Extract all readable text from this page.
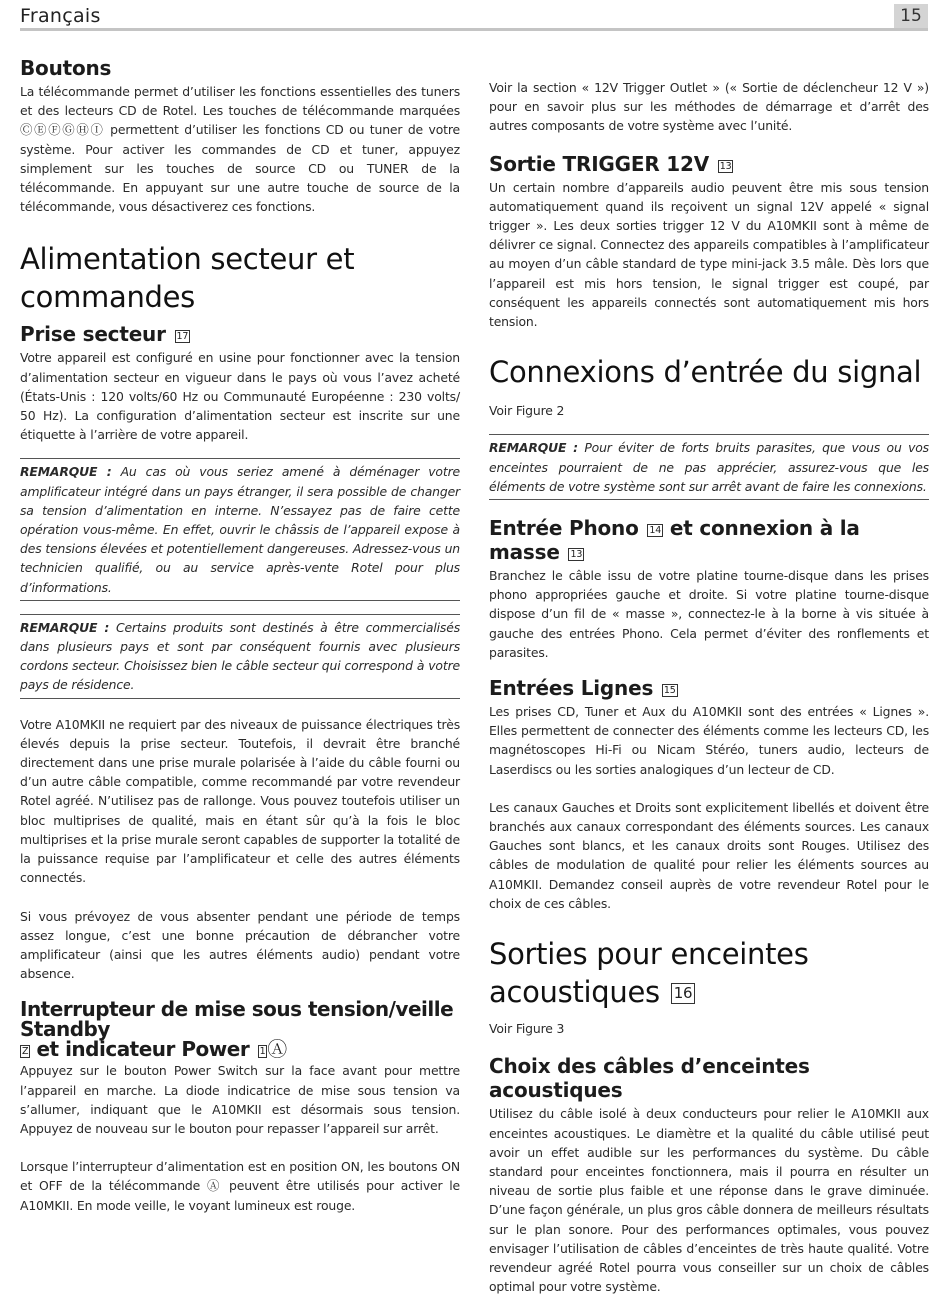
Français	15
Boutons

La télécommande permet d’utiliser les fonctions essentielles des tuners et des lecteurs CD de Rotel. Les touches de télécommande marquées ⒸⒺⒻⒼⒽⒾ permettent d’utiliser les fonctions CD ou tuner de votre système. Pour activer les commandes de CD et tuner, appuyez simplement sur les touches de source CD ou TUNER de la télécommande. En appuyant sur une autre touche de source de la télécommande, vous désactiverez ces fonctions.

Alimentation secteur et commandes
Prise secteur 17

Votre appareil est configuré en usine pour fonctionner avec la tension d’alimentation secteur en vigueur dans le pays où vous l’avez acheté (États-Unis : 120 volts/60 Hz ou Communauté Européenne : 230 volts/ 50 Hz). La configuration d’alimentation secteur est inscrite sur une étiquette à l’arrière de votre appareil.

REMARQUE : Au cas où vous seriez amené à déménager votre amplificateur intégré dans un pays étranger, il sera possible de changer sa tension d’alimentation en interne. N’essayez pas de faire cette opération vous-même. En effet, ouvrir le châssis de l’appareil expose à des tensions élevées et potentiellement dangereuses. Adressez-vous un technicien qualifié, ou au service après-vente Rotel pour plus d’informations.
REMARQUE : Certains produits sont destinés à être commercialisés dans plusieurs pays et sont par conséquent fournis avec plusieurs cordons secteur. Choisissez bien le câble secteur qui correspond à votre pays de résidence.

Votre A10MKII ne requiert par des niveaux de puissance électriques très élevés depuis la prise secteur. Toutefois, il devrait être branché directement dans une prise murale polarisée à l’aide du câble fourni ou d’un autre câble compatible, comme recommandé par votre revendeur Rotel agréé. N’utilisez pas de rallonge. Vous pouvez toutefois utiliser un bloc multiprises de qualité, mais en étant sûr qu’à la fois le bloc multiprises et la prise murale seront capables de supporter la totalité de la puissance requise par l’amplificateur et celle des autres éléments connectés.

Si vous prévoyez de vous absenter pendant une période de temps assez longue, c’est une bonne précaution de débrancher votre amplificateur (ainsi que les autres éléments audio) pendant votre absence.

Interrupteur de mise sous tension/veille Standby
Z et indicateur Power 1 Ⓐ

Appuyez sur le bouton Power Switch sur la face avant pour mettre l’appareil en marche. La diode indicatrice de mise sous tension va s’allumer, indiquant que le A10MKII est désormais sous tension. Appuyez de nouveau sur le bouton pour repasser l’appareil sur arrêt.

Lorsque l’interrupteur d’alimentation est en position ON, les boutons ON et OFF de la télécommande Ⓐ peuvent être utilisés pour activer le A10MKII. En mode veille, le voyant lumineux est rouge.

Voir la section « 12V Trigger Outlet » (« Sortie de déclencheur 12 V ») pour en savoir plus sur les méthodes de démarrage et d’arrêt des autres composants de votre système avec l’unité.

Sortie TRIGGER 12V 13

Un certain nombre d’appareils audio peuvent être mis sous tension automatiquement quand ils reçoivent un signal 12V appelé « signal trigger ». Les deux sorties trigger 12 V du A10MKII sont à même de délivrer ce signal. Connectez des appareils compatibles à l’amplificateur au moyen d’un câble standard de type mini-jack 3.5 mâle. Dès lors que l’appareil est mis hors tension, le signal trigger est coupé, par conséquent les appareils connectés sont automatiquement mis hors tension.

Connexions d’entrée du signal

Voir Figure 2

REMARQUE : Pour éviter de forts bruits parasites, que vous ou vos enceintes pourraient de ne pas apprécier, assurez-vous que les éléments de votre système sont sur arrêt avant de faire les connexions.
Entrée Phono 14 et connexion à la masse 13

Branchez le câble issu de votre platine tourne-disque dans les prises phono appropriées gauche et droite. Si votre platine tourne-disque dispose d’un fil de « masse », connectez-le à la borne à vis située à gauche des entrées Phono. Cela permet d’éviter des ronflements et parasites.

Entrées Lignes 15

Les prises CD, Tuner et Aux du A10MKII sont des entrées « Lignes ». Elles permettent de connecter des éléments comme les lecteurs CD, les magnétoscopes Hi-Fi ou Nicam Stéréo, tuners audio, lecteurs de Laserdiscs ou les sorties analogiques d’un lecteur de CD.

Les canaux Gauches et Droits sont explicitement libellés et doivent être branchés aux canaux correspondant des éléments sources. Les canaux Gauches sont blancs, et les canaux droits sont Rouges. Utilisez des câbles de modulation de qualité pour relier les éléments sources au A10MKII. Demandez conseil auprès de votre revendeur Rotel pour le choix de ces câbles.

Sorties pour enceintes acoustiques 16

Voir Figure 3

Choix des câbles d’enceintes acoustiques

Utilisez du câble isolé à deux conducteurs pour relier le A10MKII aux enceintes acoustiques. Le diamètre et la qualité du câble utilisé peut avoir un effet audible sur les performances du système. Du câble standard pour enceintes fonctionnera, mais il pourra en résulter un niveau de sortie plus faible et une réponse dans le grave diminuée. D’une façon générale, un plus gros câble donnera de meilleurs résultats sur le plan sonore. Pour des performances optimales, vous pouvez envisager l’utilisation de câbles d’enceintes de très haute qualité. Votre revendeur agréé Rotel pourra vous conseiller sur un choix de câbles optimal pour votre système.
